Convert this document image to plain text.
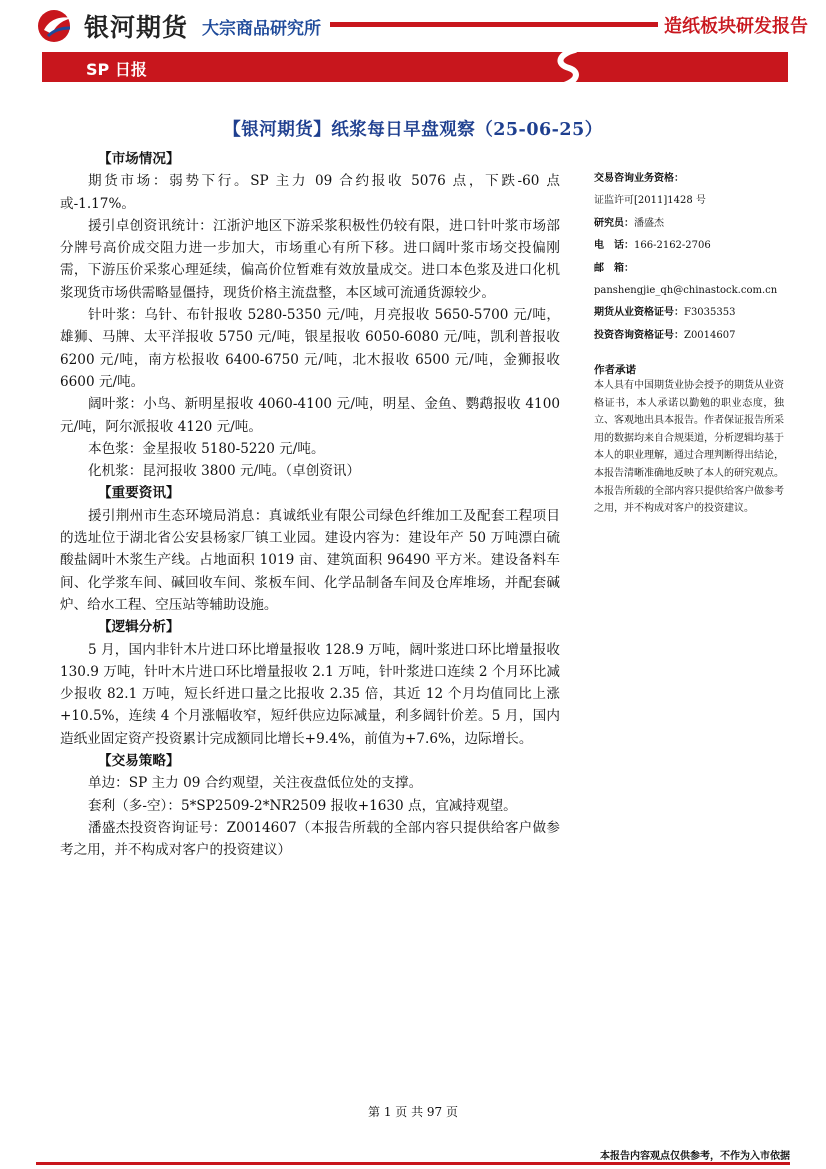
银河期货 大宗商品研究所	造纸板块研发报告
SP 日报
【银河期货】纸浆每日早盘观察（25-06-25）

【市场情况】

期货市场：弱势下行。SP 主力 09 合约报收 5076 点，下跌-60 点或-1.17%。

援引卓创资讯统计：江浙沪地区下游采浆积极性仍较有限，进口针叶浆市场部分牌号高价成交阻力进一步加大，市场重心有所下移。进口阔叶浆市场交投偏刚需，下游压价采浆心理延续，偏高价位暂难有效放量成交。进口本色浆及进口化机浆现货市场供需略显僵持，现货价格主流盘整，本区域可流通货源较少。

针叶浆：乌针、布针报收 5280-5350 元/吨，月亮报收 5650-5700 元/吨，雄狮、马牌、太平洋报收 5750 元/吨，银星报收 6050-6080 元/吨，凯利普报收 6200 元/吨，南方松报收 6400-6750 元/吨，北木报收 6500 元/吨，金狮报收 6600 元/吨。

阔叶浆：小鸟、新明星报收 4060-4100 元/吨，明星、金鱼、鹦鹉报收 4100 元/吨，阿尔派报收 4120 元/吨。

本色浆：金星报收 5180-5220 元/吨。

化机浆：昆河报收 3800 元/吨。（卓创资讯）

【重要资讯】

援引荆州市生态环境局消息：真诚纸业有限公司绿色纤维加工及配套工程项目的选址位于湖北省公安县杨家厂镇工业园。建设内容为：建设年产 50 万吨漂白硫酸盐阔叶木浆生产线。占地面积 1019 亩、建筑面积 96490 平方米。建设备料车间、化学浆车间、碱回收车间、浆板车间、化学品制备车间及仓库堆场，并配套碱炉、给水工程、空压站等辅助设施。

【逻辑分析】

5 月，国内非针木片进口环比增量报收 128.9 万吨，阔叶浆进口环比增量报收 130.9 万吨，针叶木片进口环比增量报收 2.1 万吨，针叶浆进口连续 2 个月环比减少报收 82.1 万吨，短长纤进口量之比报收 2.35 倍，其近 12 个月均值同比上涨+10.5%，连续 4 个月涨幅收窄，短纤供应边际减量，利多阔针价差。5 月，国内造纸业固定资产投资累计完成额同比增长+9.4%，前值为+7.6%，边际增长。

【交易策略】

单边：SP 主力 09 合约观望，关注夜盘低位处的支撑。

套利（多-空）：5*SP2509-2*NR2509 报收+1630 点，宜减持观望。

潘盛杰投资咨询证号：Z0014607（本报告所载的全部内容只提供给客户做参考之用，并不构成对客户的投资建议）

交易咨询业务资格：
证监许可[2011]1428 号
研究员：潘盛杰
电　话：166-2162-2706
邮　箱：
panshengjie_qh@chinastock.com.cn
期货从业资格证号：F3035353
投资咨询资格证号：Z0014607
作者承诺
本人具有中国期货业协会授予的期货从业资格证书，本人承诺以勤勉的职业态度，独立、客观地出具本报告。作者保证报告所采用的数据均来自合规渠道，分析逻辑均基于本人的职业理解，通过合理判断得出结论，本报告清晰准确地反映了本人的研究观点。本报告所载的全部内容只提供给客户做参考之用，并不构成对客户的投资建议。
第 1 页 共 97 页
本报告内容观点仅供参考，不作为入市依据
